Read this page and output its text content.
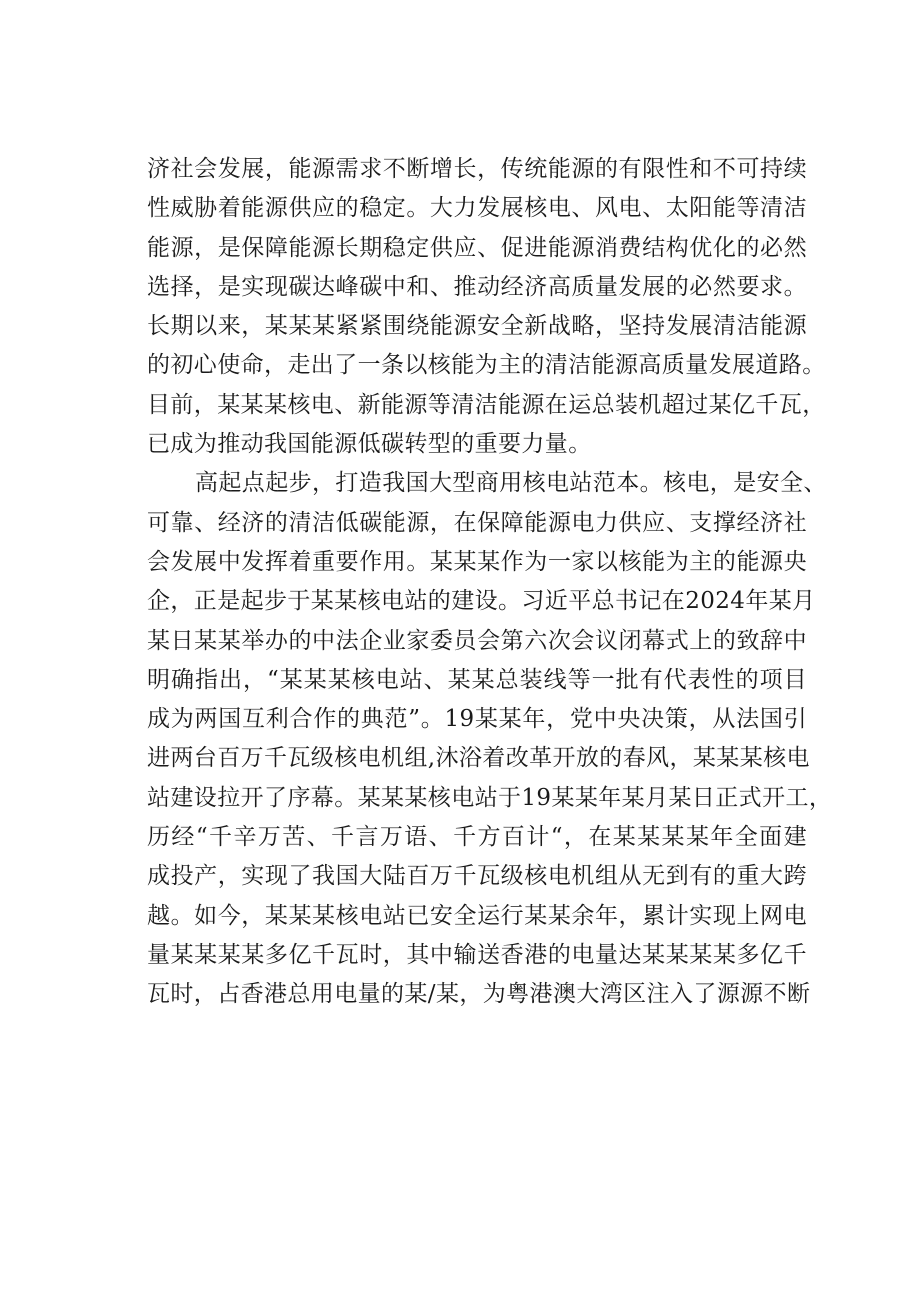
济社会发展，能源需求不断增长，传统能源的有限性和不可持续
性威胁着能源供应的稳定。大力发展核电、风电、太阳能等清洁
能源，是保障能源长期稳定供应、促进能源消费结构优化的必然
选择，是实现碳达峰碳中和、推动经济高质量发展的必然要求。
长期以来，某某某紧紧围绕能源安全新战略，坚持发展清洁能源
的初心使命，走出了一条以核能为主的清洁能源高质量发展道路。
目前，某某某核电、新能源等清洁能源在运总装机超过某亿千瓦，
已成为推动我国能源低碳转型的重要力量。
高起点起步，打造我国大型商用核电站范本。核电，是安全、
可靠、经济的清洁低碳能源，在保障能源电力供应、支撑经济社
会发展中发挥着重要作用。某某某作为一家以核能为主的能源央
企，正是起步于某某核电站的建设。习近平总书记在2024年某月
某日某某举办的中法企业家委员会第六次会议闭幕式上的致辞中
明确指出，“某某某核电站、某某总装线等一批有代表性的项目
成为两国互利合作的典范”。19某某年，党中央决策，从法国引
进两台百万千瓦级核电机组,沐浴着改革开放的春风，某某某核电
站建设拉开了序幕。某某某核电站于19某某年某月某日正式开工，
历经“千辛万苦、千言万语、千方百计“，在某某某某年全面建
成投产，实现了我国大陆百万千瓦级核电机组从无到有的重大跨
越。如今，某某某核电站已安全运行某某余年，累计实现上网电
量某某某某多亿千瓦时，其中输送香港的电量达某某某某多亿千
瓦时，占香港总用电量的某/某，为粤港澳大湾区注入了源源不断
